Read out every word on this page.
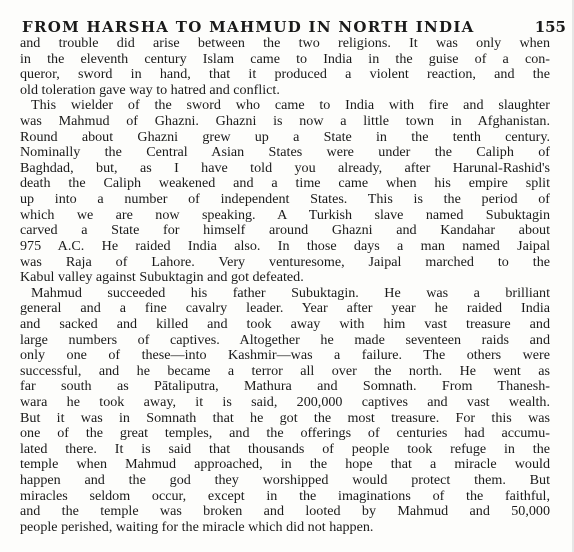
FROM HARSHA TO MAHMUD IN NORTH INDIA	155
and trouble did arise between the two religions. It was only when
in the eleventh century Islam came to India in the guise of a con-
queror, sword in hand, that it produced a violent reaction, and the
old toleration gave way to hatred and conflict.
This wielder of the sword who came to India with fire and slaughter
was Mahmud of Ghazni. Ghazni is now a little town in Afghanistan.
Round about Ghazni grew up a State in the tenth century.
Nominally the Central Asian States were under the Caliph of
Baghdad, but, as I have told you already, after Harunal-Rashid's
death the Caliph weakened and a time came when his empire split
up into a number of independent States. This is the period of
which we are now speaking. A Turkish slave named Subuktagin
carved a State for himself around Ghazni and Kandahar about
975 A.C. He raided India also. In those days a man named Jaipal
was Raja of Lahore. Very venturesome, Jaipal marched to the
Kabul valley against Subuktagin and got defeated.
Mahmud succeeded his father Subuktagin. He was a brilliant
general and a fine cavalry leader. Year after year he raided India
and sacked and killed and took away with him vast treasure and
large numbers of captives. Altogether he made seventeen raids and
only one of these—into Kashmir—was a failure. The others were
successful, and he became a terror all over the north. He went as
far south as Pātaliputra, Mathura and Somnath. From Thanesh-
wara he took away, it is said, 200,000 captives and vast wealth.
But it was in Somnath that he got the most treasure. For this was
one of the great temples, and the offerings of centuries had accumu-
lated there. It is said that thousands of people took refuge in the
temple when Mahmud approached, in the hope that a miracle would
happen and the god they worshipped would protect them. But
miracles seldom occur, except in the imaginations of the faithful,
and the temple was broken and looted by Mahmud and 50,000
people perished, waiting for the miracle which did not happen.
